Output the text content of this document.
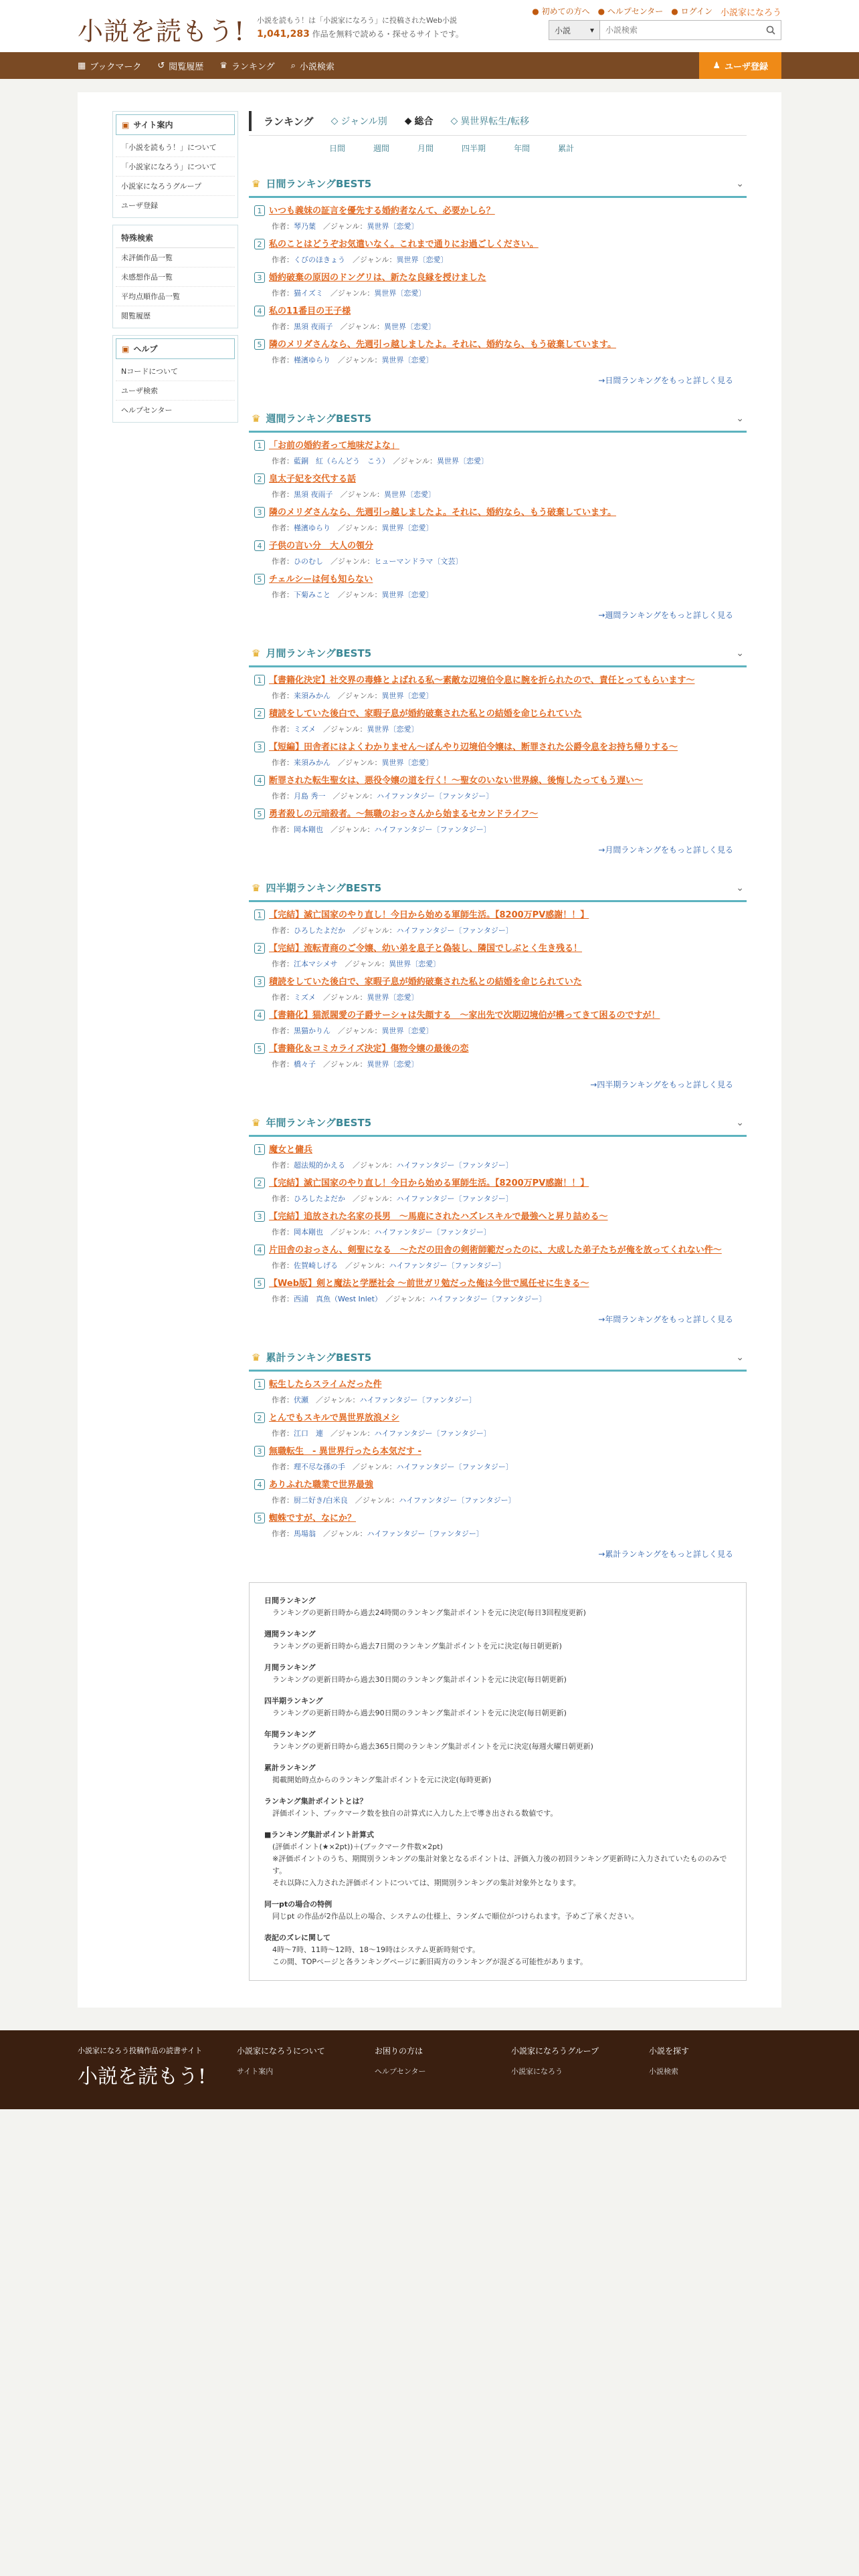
小説を読もう! 小説を読もう！は「小説家になろう」に投稿されたWeb小説
1,041,283 作品を無料で読める・探せるサイトです。
● 初めての方へ ● ヘルプセンター ● ログイン 小説家になろう
小説 ▾
小説検索
▦ ブックマーク ↺ 閲覧履歴 ♛ ランキング ⌕ 小説検索	♟ ユーザ登録
▣ サイト案内
「小説を読もう！」について
「小説家になろう」について
小説家になろうグループ
ユーザ登録
特殊検索
未評価作品一覧
未感想作品一覧
平均点順作品一覧
閲覧履歴
▣ ヘルプ
Nコードについて
ユーザ検索
ヘルプセンター
ランキング ◇ ジャンル別 ◆ 総合 ◇ 異世界転生/転移
日間	週間	月間	四半期	年間	累計
♛ 日間ランキングBEST5	⌄
1 いつも義妹の証言を優先する婚約者なんて、必要かしら？
作者：琴乃葉　／ジャンル：異世界〔恋愛〕
2 私のことはどうぞお気遣いなく。これまで通りにお過ごしください。
作者：くびのほきょう　／ジャンル：異世界〔恋愛〕
3 婚約破棄の原因のドングリは、新たな良縁を授けました
作者：猫イズミ　／ジャンル：異世界〔恋愛〕
4 私の11番目の王子様
作者：黒須 夜雨子　／ジャンル：異世界〔恋愛〕
5 隣のメリダさんなら、先週引っ越しましたよ。それに、婚約なら、もう破棄しています。
作者：槿濱ゆらり　／ジャンル：異世界〔恋愛〕
→日間ランキングをもっと詳しく見る
♛ 週間ランキングBEST5	⌄
1 「お前の婚約者って地味だよな」
作者：藍銅　紅（らんどう　こう）　／ジャンル：異世界〔恋愛〕
2 皇太子妃を交代する話
作者：黒須 夜雨子　／ジャンル：異世界〔恋愛〕
3 隣のメリダさんなら、先週引っ越しましたよ。それに、婚約なら、もう破棄しています。
作者：槿濱ゆらり　／ジャンル：異世界〔恋愛〕
4 子供の言い分　大人の領分
作者：ひのむし　／ジャンル：ヒューマンドラマ〔文芸〕
5 チェルシーは何も知らない
作者：下菊みこと　／ジャンル：異世界〔恋愛〕
→週間ランキングをもっと詳しく見る
♛ 月間ランキングBEST5	⌄
1 【書籍化決定】社交界の毒蜂とよばれる私〜素敵な辺境伯令息に腕を折られたので、責任とってもらいます〜
作者：来須みかん　／ジャンル：異世界〔恋愛〕
2 積読をしていた後白で、家暇子息が婚約破棄された私との結婚を命じられていた
作者：ミズメ　／ジャンル：異世界〔恋愛〕
3 【短編】田舎者にはよくわかりません〜ぼんやり辺境伯令嬢は、断罪された公爵令息をお持ち帰りする〜
作者：来須みかん　／ジャンル：異世界〔恋愛〕
4 断罪された転生聖女は、悪役令嬢の道を行く！〜聖女のいない世界線、後悔したってもう遅い〜
作者：月島 秀一　／ジャンル：ハイファンタジー〔ファンタジー〕
5 勇者殺しの元暗殺者。〜無職のおっさんから始まるセカンドライフ〜
作者：岡本剛也　／ジャンル：ハイファンタジー〔ファンタジー〕
→月間ランキングをもっと詳しく見る
♛ 四半期ランキングBEST5	⌄
1 【完結】滅亡国家のやり直し！今日から始める軍師生活。【8200万PV感謝！！】
作者：ひろしたよだか　／ジャンル：ハイファンタジー〔ファンタジー〕
2 【完結】流転青商のご令嬢、幼い弟を息子と偽装し、隣国でしぶとく生き残る！
作者：江本マシメサ　／ジャンル：異世界〔恋愛〕
3 積読をしていた後白で、家暇子息が婚約破棄された私との結婚を命じられていた
作者：ミズメ　／ジャンル：異世界〔恋愛〕
4 【書籍化】猫派閥愛の子爵サーシャは失顔する　〜家出先で次期辺境伯が構ってきて困るのですが！
作者：黒猫かりん　／ジャンル：異世界〔恋愛〕
5 【書籍化＆コミカライズ決定】傷物令嬢の最後の恋
作者：橋々子　／ジャンル：異世界〔恋愛〕
→四半期ランキングをもっと詳しく見る
♛ 年間ランキングBEST5	⌄
1 魔女と傭兵
作者：超法規的かえる　／ジャンル：ハイファンタジー〔ファンタジー〕
2 【完結】滅亡国家のやり直し！今日から始める軍師生活。【8200万PV感謝！！】
作者：ひろしたよだか　／ジャンル：ハイファンタジー〔ファンタジー〕
3 【完結】追放された名家の長男　〜馬鹿にされたハズレスキルで最強へと昇り詰める〜
作者：岡本剛也　／ジャンル：ハイファンタジー〔ファンタジー〕
4 片田舎のおっさん、剣聖になる　〜ただの田舎の剣術師範だったのに、大成した弟子たちが俺を放ってくれない件〜
作者：佐賀崎しげる　／ジャンル：ハイファンタジー〔ファンタジー〕
5 【Web版】剣と魔法と学歴社会 〜前世ガリ勉だった俺は今世で風任せに生きる〜
作者：西浦　真魚（West Inlet）　／ジャンル：ハイファンタジー〔ファンタジー〕
→年間ランキングをもっと詳しく見る
♛ 累計ランキングBEST5	⌄
1 転生したらスライムだった件
作者：伏瀬　／ジャンル：ハイファンタジー〔ファンタジー〕
2 とんでもスキルで異世界放浪メシ
作者：江口　連　／ジャンル：ハイファンタジー〔ファンタジー〕
3 無職転生　- 異世界行ったら本気だす -
作者：理不尽な孫の手　／ジャンル：ハイファンタジー〔ファンタジー〕
4 ありふれた職業で世界最強
作者：厨二好き/白米良　／ジャンル：ハイファンタジー〔ファンタジー〕
5 蜘蛛ですが、なにか？
作者：馬場翁　／ジャンル：ハイファンタジー〔ファンタジー〕
→累計ランキングをもっと詳しく見る
日間ランキング
ランキングの更新日時から過去24時間のランキング集計ポイントを元に決定(毎日3回程度更新)
週間ランキング
ランキングの更新日時から過去7日間のランキング集計ポイントを元に決定(毎日朝更新)
月間ランキング
ランキングの更新日時から過去30日間のランキング集計ポイントを元に決定(毎日朝更新)
四半期ランキング
ランキングの更新日時から過去90日間のランキング集計ポイントを元に決定(毎日朝更新)
年間ランキング
ランキングの更新日時から過去365日間のランキング集計ポイントを元に決定(毎週火曜日朝更新)
累計ランキング
掲載開始時点からのランキング集計ポイントを元に決定(毎時更新)
ランキング集計ポイントとは？
評価ポイント、ブックマーク数を独自の計算式に入力した上で導き出される数値です。
■ランキング集計ポイント計算式
(評価ポイント(★×2pt))＋(ブックマーク件数×2pt)
※評価ポイントのうち、期間別ランキングの集計対象となるポイントは、評価入力後の初回ランキング更新時に入力されていたもののみです。
それ以降に入力された評価ポイントについては、期間別ランキングの集計対象外となります。
同一ptの場合の特例
同じpt の作品が2作品以上の場合、システムの仕様上、ランダムで順位がつけられます。予めご了承ください。
表記のズレに関して
4時〜7時、11時〜12時、18〜19時はシステム更新時刻です。
この間、TOPページと各ランキングページに新旧両方のランキングが混ざる可能性があります。
小説家になろう投稿作品の読書サイト
小説を読もう!
小説家になろうについて
サイト案内
お困りの方は
ヘルプセンター
小説家になろうグループ
小説家になろう
小説を探す
小説検索
